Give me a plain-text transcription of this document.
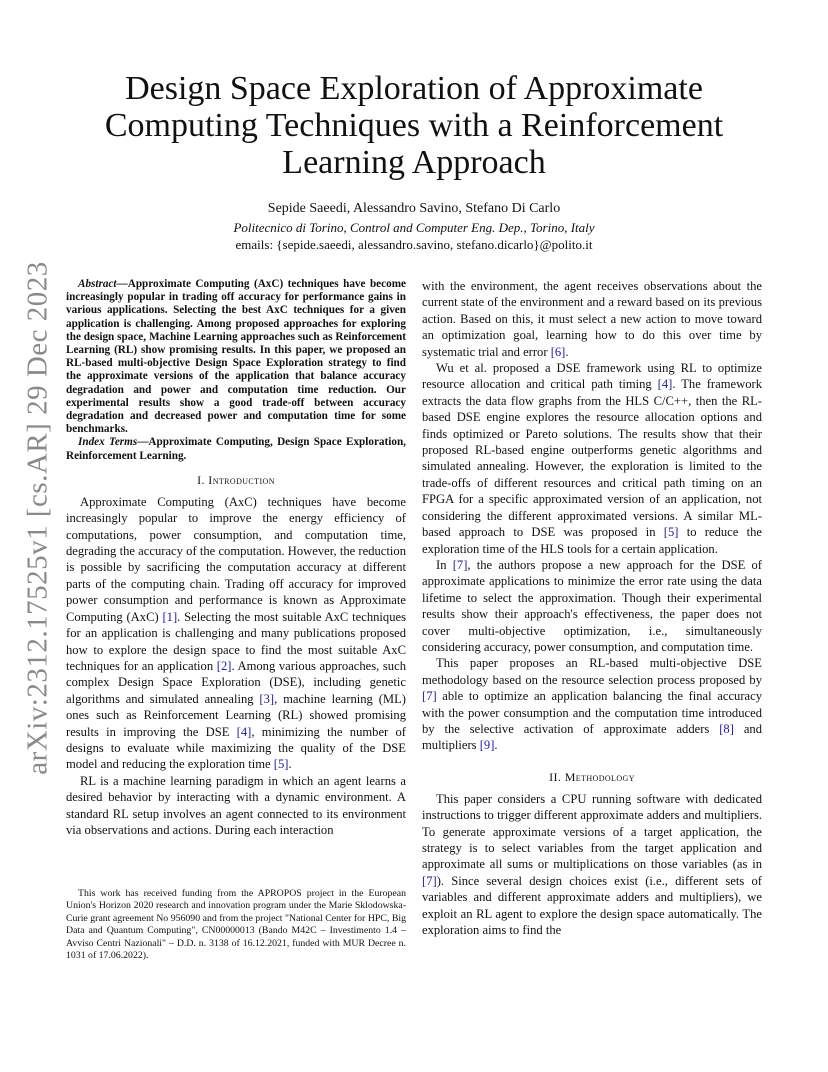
arXiv:2312.17525v1 [cs.AR] 29 Dec 2023
Design Space Exploration of Approximate Computing Techniques with a Reinforcement Learning Approach
Sepide Saeedi, Alessandro Savino, Stefano Di Carlo
Politecnico di Torino, Control and Computer Eng. Dep., Torino, Italy
emails: {sepide.saeedi, alessandro.savino, stefano.dicarlo}@polito.it

Abstract—Approximate Computing (AxC) techniques have become increasingly popular in trading off accuracy for performance gains in various applications. Selecting the best AxC techniques for a given application is challenging. Among proposed approaches for exploring the design space, Machine Learning approaches such as Reinforcement Learning (RL) show promising results. In this paper, we proposed an RL-based multi-objective Design Space Exploration strategy to find the approximate versions of the application that balance accuracy degradation and power and computation time reduction. Our experimental results show a good trade-off between accuracy degradation and decreased power and computation time for some benchmarks.

Index Terms—Approximate Computing, Design Space Exploration, Reinforcement Learning.

I. Introduction

Approximate Computing (AxC) techniques have become increasingly popular to improve the energy efficiency of computations, power consumption, and computation time, degrading the accuracy of the computation. However, the reduction is possible by sacrificing the computation accuracy at different parts of the computing chain. Trading off accuracy for improved power consumption and performance is known as Approximate Computing (AxC) [1]. Selecting the most suitable AxC techniques for an application is challenging and many publications proposed how to explore the design space to find the most suitable AxC techniques for an application [2]. Among various approaches, such complex Design Space Exploration (DSE), including genetic algorithms and simulated annealing [3], machine learning (ML) ones such as Reinforcement Learning (RL) showed promising results in improving the DSE [4], minimizing the number of designs to evaluate while maximizing the quality of the DSE model and reducing the exploration time [5].

RL is a machine learning paradigm in which an agent learns a desired behavior by interacting with a dynamic environment. A standard RL setup involves an agent connected to its environment via observations and actions. During each interaction

This work has received funding from the APROPOS project in the European Union's Horizon 2020 research and innovation program under the Marie Sklodowska-Curie grant agreement No 956090 and from the project "National Center for HPC, Big Data and Quantum Computing", CN00000013 (Bando M42C – Investimento 1.4 – Avviso Centri Nazionali" – D.D. n. 3138 of 16.12.2021, funded with MUR Decree n. 1031 of 17.06.2022).

with the environment, the agent receives observations about the current state of the environment and a reward based on its previous action. Based on this, it must select a new action to move toward an optimization goal, learning how to do this over time by systematic trial and error [6].

Wu et al. proposed a DSE framework using RL to optimize resource allocation and critical path timing [4]. The framework extracts the data flow graphs from the HLS C/C++, then the RL-based DSE engine explores the resource allocation options and finds optimized or Pareto solutions. The results show that their proposed RL-based engine outperforms genetic algorithms and simulated annealing. However, the exploration is limited to the trade-offs of different resources and critical path timing on an FPGA for a specific approximated version of an application, not considering the different approximated versions. A similar ML-based approach to DSE was proposed in [5] to reduce the exploration time of the HLS tools for a certain application.

In [7], the authors propose a new approach for the DSE of approximate applications to minimize the error rate using the data lifetime to select the approximation. Though their experimental results show their approach's effectiveness, the paper does not cover multi-objective optimization, i.e., simultaneously considering accuracy, power consumption, and computation time.

This paper proposes an RL-based multi-objective DSE methodology based on the resource selection process proposed by [7] able to optimize an application balancing the final accuracy with the power consumption and the computation time introduced by the selective activation of approximate adders [8] and multipliers [9].

II. Methodology

This paper considers a CPU running software with dedicated instructions to trigger different approximate adders and multipliers. To generate approximate versions of a target application, the strategy is to select variables from the target application and approximate all sums or multiplications on those variables (as in [7]). Since several design choices exist (i.e., different sets of variables and different approximate adders and multipliers), we exploit an RL agent to explore the design space automatically. The exploration aims to find the
